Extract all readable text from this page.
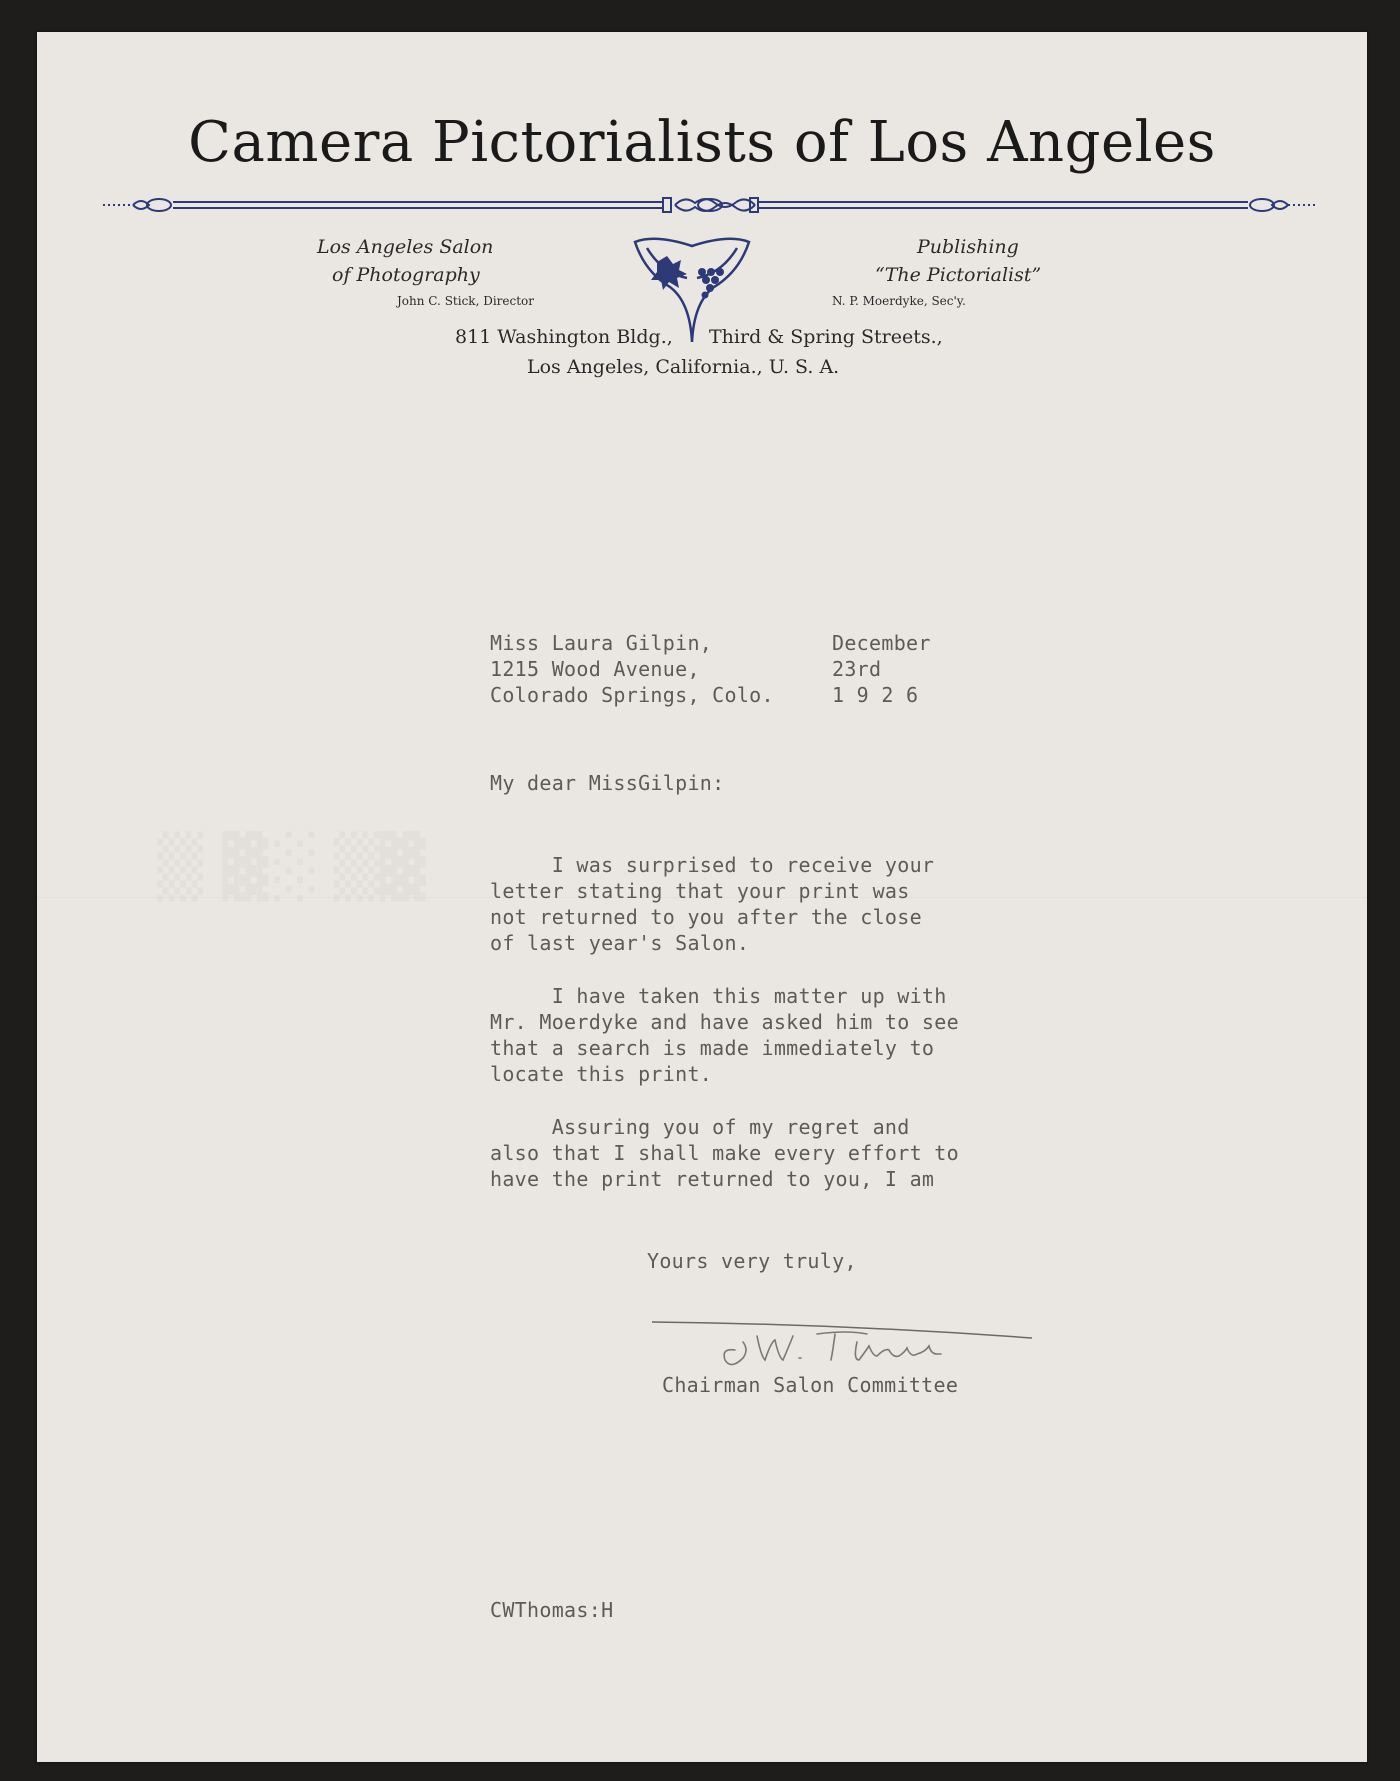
▓▒ ░▓ ▒
Camera Pictorialists of Los Angeles
Los Angeles Salon
of Photography
John C. Stick, Director
Publishing
“The Pictorialist”
N. P. Moerdyke, Sec'y.
811 Washington Bldg.,      Third & Spring Streets.,
Los Angeles, California., U. S. A.
Miss Laura Gilpin,
1215 Wood Avenue,
Colorado Springs, Colo.
December
23rd
1 9 2 6
My dear MissGilpin:
I was surprised to receive your
letter stating that your print was
not returned to you after the close
of last year's Salon.
I have taken this matter up with
Mr. Moerdyke and have asked him to see
that a search is made immediately to
locate this print.
Assuring you of my regret and
also that I shall make every effort to
have the print returned to you, I am
Yours very truly,
Chairman Salon Committee
CWThomas:H
